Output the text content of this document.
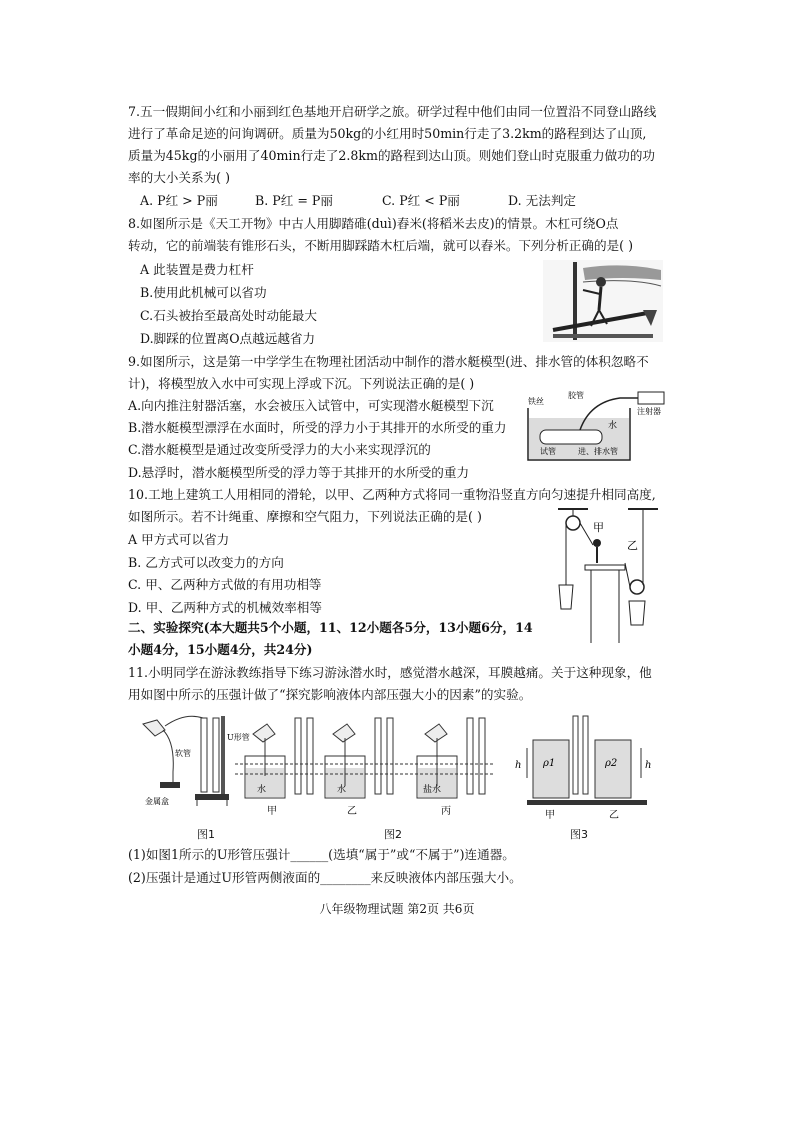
7.五一假期间小红和小丽到红色基地开启研学之旅。研学过程中他们由同一位置沿不同登山路线
进行了革命足迹的问询调研。质量为50kg的小红用时50min行走了3.2km的路程到达了山顶,
质量为45kg的小丽用了40min行走了2.8km的路程到达山顶。则她们登山时克服重力做功的功
率的大小关系为( )
A. P红 > P丽	B. P红 = P丽	C. P红 < P丽	D. 无法判定
8.如图所示是《天工开物》中古人用脚踏碓(duì)舂米(将稻米去皮)的情景。木杠可绕O点
转动，它的前端装有锥形石头，不断用脚踩踏木杠后端，就可以舂米。下列分析正确的是( )
A 此装置是费力杠杆
B.使用此机械可以省功
C.石头被抬至最高处时动能最大
D.脚踩的位置离O点越远越省力
9.如图所示，这是第一中学学生在物理社团活动中制作的潜水艇模型(进、排水管的体积忽略不
计)，将模型放入水中可实现上浮或下沉。下列说法正确的是( )
A.向内推注射器活塞，水会被压入试管中，可实现潜水艇模型下沉
B.潜水艇模型漂浮在水面时，所受的浮力小于其排开的水所受的重力
C.潜水艇模型是通过改变所受浮力的大小来实现浮沉的
D.悬浮时，潜水艇模型所受的浮力等于其排开的水所受的重力
铁丝
胶管
注射器
水
试管	进、排水管
10.工地上建筑工人用相同的滑轮，以甲、乙两种方式将同一重物沿竖直方向匀速提升相同高度,
如图所示。若不计绳重、摩擦和空气阻力，下列说法正确的是( )
A 甲方式可以省力
B. 乙方式可以改变力的方向
C. 甲、乙两种方式做的有用功相等
D. 甲、乙两种方式的机械效率相等
甲
乙
二、实验探究(本大题共5个小题，11、12小题各5分，13小题6分，14
小题4分，15小题4分，共24分)
11.小明同学在游泳教练指导下练习游泳潜水时，感觉潜水越深，耳膜越痛。关于这种现象，他
用如图中所示的压强计做了“探究影响液体内部压强大小的因素”的实验。
软管
U形管
金属盒
水
甲
水
乙
盐水
丙
h ρ1	ρ2	h
甲	乙
图1	图2	图3
(1)如图1所示的U形管压强计______(选填“属于”或“不属于”)连通器。
(2)压强计是通过U形管两侧液面的________来反映液体内部压强大小。
八年级物理试题 第2页 共6页
